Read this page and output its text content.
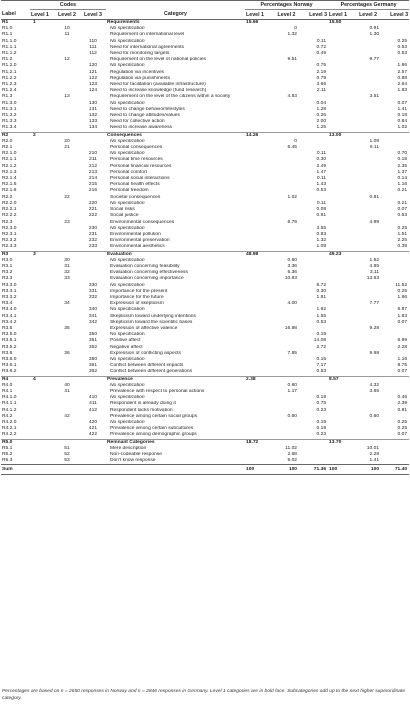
	Codes				Percentages Norway			Percentages Germany		
Label	Level 1	Level 2	Level 3	Category	Level 1	Level 2	Level 3	Level 1	Level 2	Level 3
R1	1			Requirements	15.66			15.50		
R1.0		10		No specification		0			0.91	
R1.1		11		Requirement on international level		1.32			1.30	
R1.1.0			110	No specification			0.11			0.25
R1.1.1			111	Need for international agreements			0.72			0.53
R1.1.2			112	Need for monitoring targets			0.49			0.53
R1.2		12		Requirement on the level of national policies		9.51			9.77	
R1.2.0			120	No specification			0.75			1.86
R1.2.1			121	Regulation via incentives			2.19			2.57
R1.2.2			122	Regulation via punishments			0.79			0.88
R1.2.3			123	Need for facilitation (available infrastructure)			3.66			2.64
R1.2.4			124	Need to increase knowledge (fund research)			2.11			1.83
R1.3		13		Requirement on the level of the citizens within a society		4.83			3.51	
R1.3.0			130	No specification			0.04			0.07
R1.3.1			131	Need to change behavior/lifestyles			1.28			1.41
R1.3.2			132	Need to change attitudes/values			0.26			0.18
R1.3.3			133	Need for collective action			2.00			0.84
R1.3.4			134	Need to increase awareness			1.25			1.02
R2	2			Consequences	14.26			13.00		
R2.0		20		No specification		0			1.09	
R2.1		21		Personal consequences		6.45			6.11	
R2.1.0			210	No specification			0.11			0.70
R2.1.1			211	Personal time resources			0.30			0.18
R2.1.2			212	Personal financial resources			2.49			2.35
R2.1.3			213	Personal comfort			1.47			1.37
R2.1.4			214	Personal social interactions			0.11			0.14
R2.1.5			215	Personal health effects			1.43			1.16
R2.1.6			216	Personal freedom			0.53			0.21
R2.2		22		Societal consequences		1.02			0.81	
R2.2.0			220	No specification			0.11			0.21
R2.2.1			221	Social risks			0.08			0.07
R2.2.2			222	Social justice			0.91			0.53
R2.3		23		Environmental consequences		6.79			4.99	
R2.3.0			230	No specification			3.55			0.25
R2.3.1			231	Environmental pollution			0.83			1.51
R2.3.2			232	Environmental preservation			1.32			2.25
R2.3.3			233	Environmental aesthetics			1.09			0.39
R3	3			Evaluation	48.98			49.23		
R3.0		30		No specification		0.60			1.62	
R3.1		31		Evaluation concerning feasibility		3.36			4.85	
R3.2		32		Evaluation concerning effectiveness		5.36			3.11	
R3.3		33		Evaluation concerning importance		10.83			13.63	
R3.3.0			330	No specification			8.72			11.52
R3.3.1			331	Importance for the present			0.30			0.25
R3.3.2			332	Importance for the future			1.81			1.86
R3.4		34		Expression of skepticism		4.00			7.77	
R3.4.0			340	No specification			1.92			5.87
R3.4.1			341	Skepticism toward underlying intentions			1.55			1.83
R3.4.2			342	Skepticism toward the scientific bases			0.53			0.07
R3.5		35		Expression of affective valence		16.98			9.28	
R3.5.0			350	No specification			0.19			
R3.5.1			351	Positive affect			14.08			6.99
R3.5.2			352	Negative affect			2.72			2.28
R3.6		36		Expression of conflicting aspects		7.85			9.98	
R3.6.0			360	No specification			0.15			1.16
R3.6.1			361	Conflict between different impacts			7.17			8.75
R3.6.2			362	Conflict between different generations			0.53			0.07
R4	4			Prevalence	2.38			8.57		
R4.0		40		No specification		0.60			4.32	
R4.1		41		Prevalence with respect to personal actions		1.17			3.65	
R4.1.0			410	No specification			0.19			0.46
R4.1.1			411	Respondent is already doing it			0.75			2.39
R4.1.2			412	Respondent lacks motivation			0.23			0.81
R4.2		42		Prevalence among certain social groups		0.60			0.60	
R4.2.0			420	No specification			0.19			0.25
R4.2.1			421	Prevalence among certain subcultures			0.19			0.25
R4.2.2			422	Prevalence among demographic groups			0.23			0.07
R5.0				Remnant Categories	18.72			13.70		
R5.1		51		Mere description		11.02			10.01	
R5.2		52		Non-codeable response		2.68			2.28	
R5.3		53		Don't know response		5.02			1.41	
Sum					100	100	71.36	100	100	71.40
Percentages are based on n = 2650 responses in Norway and n = 2846 responses in Germany. Level 1 categories are in bold face. Subcategories add up to the next higher superordinate category.
